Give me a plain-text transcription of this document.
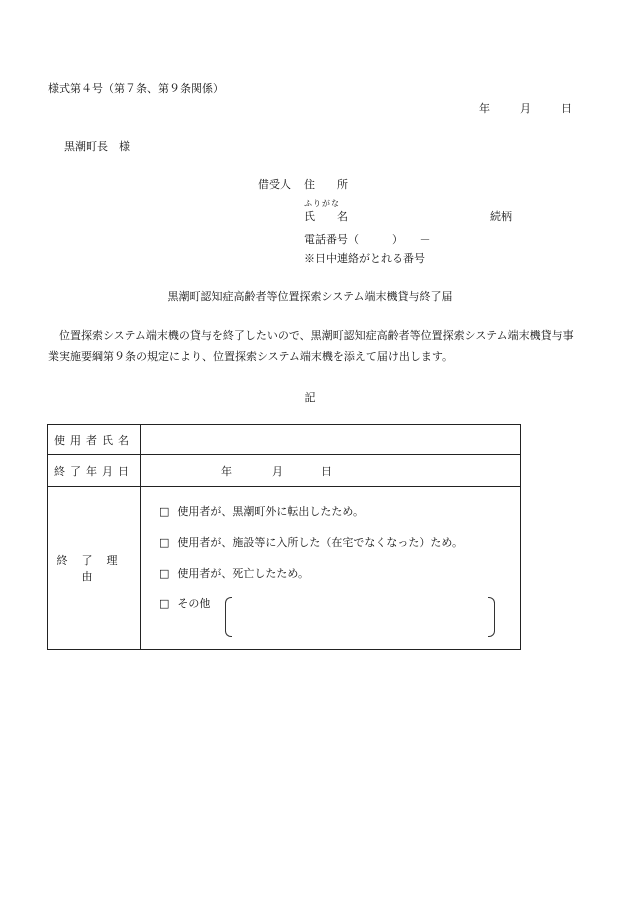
様式第４号（第７条、第９条関係）
年	月	日
黒潮町長　様
借受人 住　　所
ふりがな
氏　　名	続柄
電話番号（　　　）　　－
※日中連絡がとれる番号
黒潮町認知症高齢者等位置探索システム端末機貸与終了届
位置探索システム端末機の貸与を終了したいので、黒潮町認知症高齢者等位置探索システム端末機貸与事業実施要綱第９条の規定により、位置探索システム端末機を添えて届け出します。
記
使用者氏名	
終了年月日	年 月 日
終了理由	□ 使用者が、黒潮町外に転出したため。
□ 使用者が、施設等に入所した（在宅でなくなった）ため。
□ 使用者が、死亡したため。
□ その他
